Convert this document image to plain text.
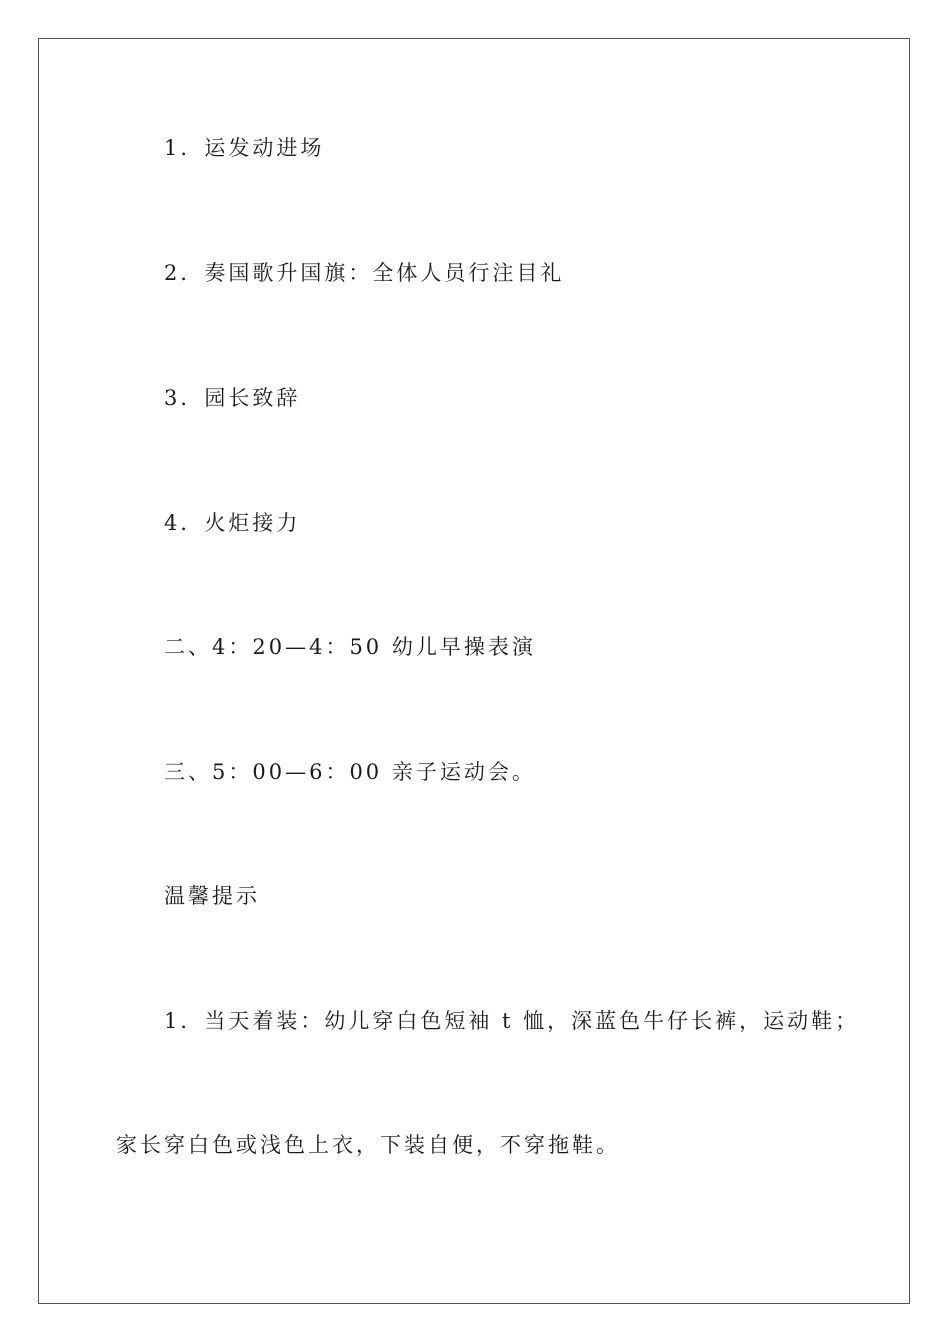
1．运发动进场
2．奏国歌升国旗：全体人员行注目礼
3．园长致辞
4．火炬接力
二、4：20—4：50 幼儿早操表演
三、5：00—6：00 亲子运动会。
温馨提示
1．当天着装：幼儿穿白色短袖 t 恤，深蓝色牛仔长裤，运动鞋；
家长穿白色或浅色上衣，下装自便，不穿拖鞋。
